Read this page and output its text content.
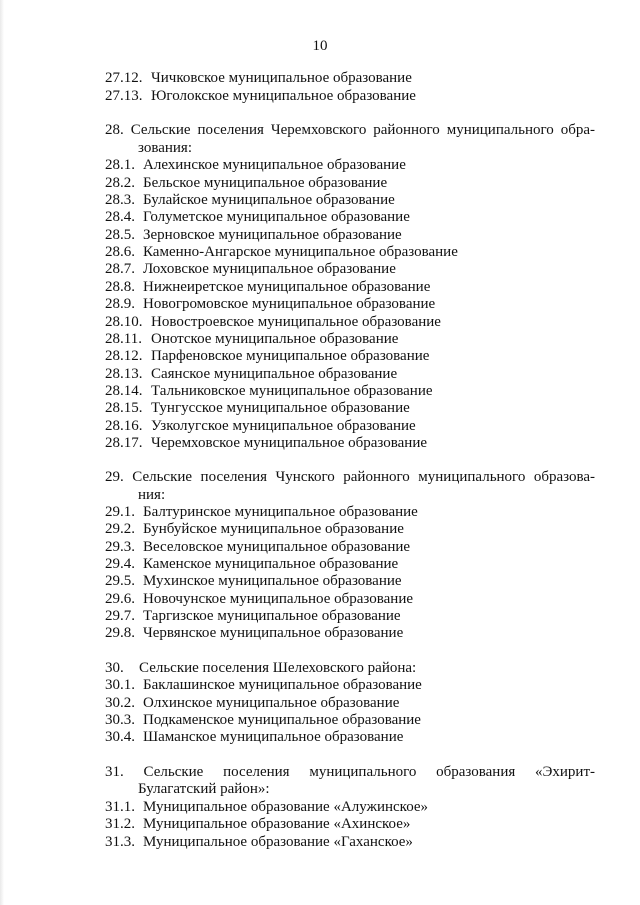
10
27.12. Чичковское муниципальное образование
27.13. Юголокское муниципальное образование
28. Сельские поселения Черемховского районного муниципального обра-
зования:
28.1. Алехинское муниципальное образование
28.2. Бельское муниципальное образование
28.3. Булайское муниципальное образование
28.4. Голуметское муниципальное образование
28.5. Зерновское муниципальное образование
28.6. Каменно-Ангарское муниципальное образование
28.7. Лоховское муниципальное образование
28.8. Нижнеиретское муниципальное образование
28.9. Новогромовское муниципальное образование
28.10. Новостроевское муниципальное образование
28.11. Онотское муниципальное образование
28.12. Парфеновское муниципальное образование
28.13. Саянское муниципальное образование
28.14. Тальниковское муниципальное образование
28.15. Тунгусское муниципальное образование
28.16. Узколугское муниципальное образование
28.17. Черемховское муниципальное образование
29. Сельские поселения Чунского районного муниципального образова-
ния:
29.1. Балтуринское муниципальное образование
29.2. Бунбуйское муниципальное образование
29.3. Веселовское муниципальное образование
29.4. Каменское муниципальное образование
29.5. Мухинское муниципальное образование
29.6. Новочунское муниципальное образование
29.7. Таргизское муниципальное образование
29.8. Червянское муниципальное образование
30. Сельские поселения Шелеховского района:
30.1. Баклашинское муниципальное образование
30.2. Олхинское муниципальное образование
30.3. Подкаменское муниципальное образование
30.4. Шаманское муниципальное образование
31. Сельские поселения муниципального образования «Эхирит-
Булагатский район»:
31.1. Муниципальное образование «Алужинское»
31.2. Муниципальное образование «Ахинское»
31.3. Муниципальное образование «Гаханское»
